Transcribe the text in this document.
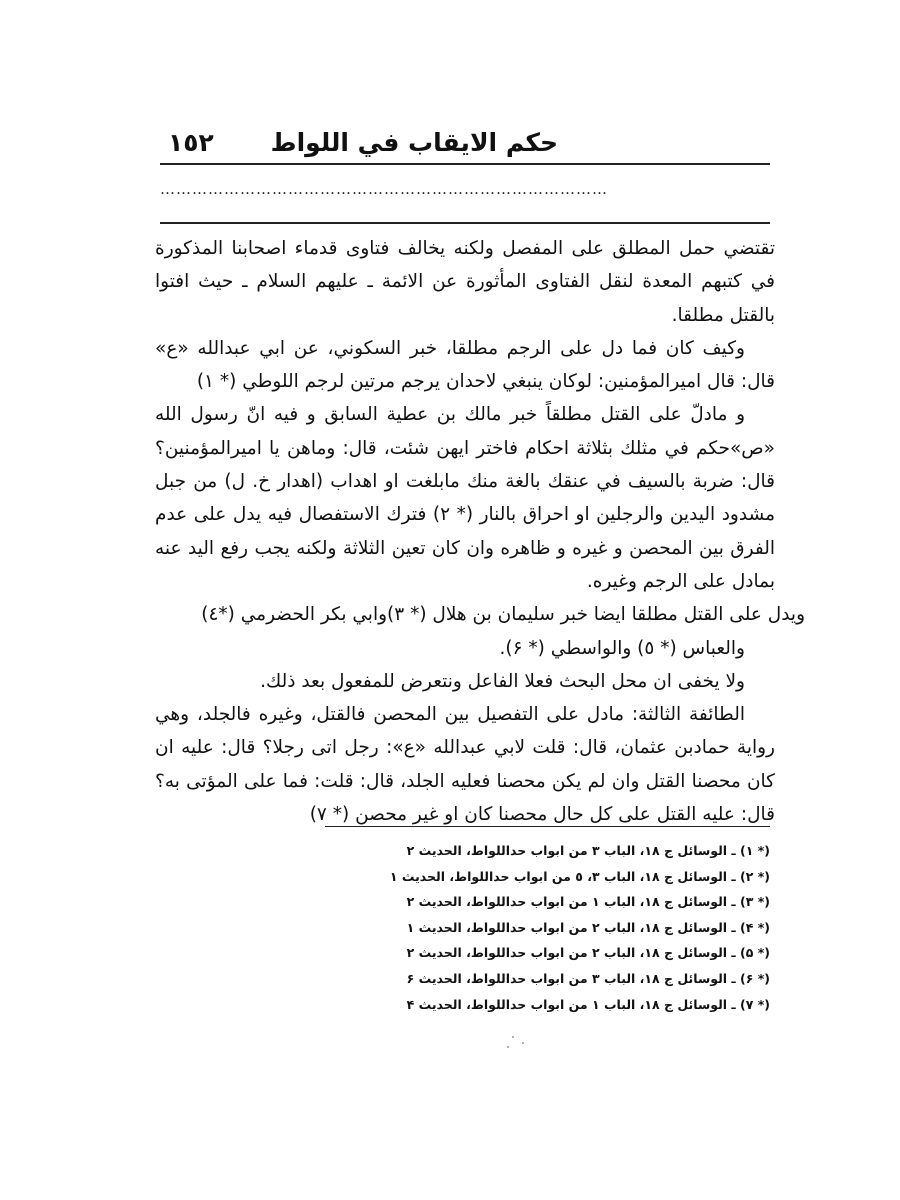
١٥٢ حكم الايقاب في اللواط
…………………………………………………………………………

تقتضي حمل المطلق على المفصل ولكنه يخالف فتاوى قدماء اصحابنا المذكورة في كتبهم المعدة لنقل الفتاوى المأثورة عن الائمة ـ عليهم السلام ـ حيث افتوا بالقتل مطلقا.

وكيف كان فما دل على الرجم مطلقا، خبر السكوني، عن ابي عبدالله «ع» قال: قال اميرالمؤمنين: لوكان ينبغي لاحدان يرجم مرتين لرجم اللوطي (* ١)

و مادلّ على القتل مطلقاً خبر مالك بن عطية السابق و فيه انّ رسول الله «ص»حكم في مثلك بثلاثة احكام فاختر ايهن شئت، قال: وماهن يا اميرالمؤمنين؟ قال: ضربة بالسيف في عنقك بالغة منك مابلغت او اهداب (اهدار خ. ل) من جبل مشدود اليدين والرجلين او احراق بالنار (* ٢) فترك الاستفصال فيه يدل على عدم الفرق بين المحصن و غيره و ظاهره وان كان تعين الثلاثة ولكنه يجب رفع اليد عنه بمادل على الرجم وغيره.

ويدل على القتل مطلقا ايضا خبر سليمان بن هلال (* ٣)وابي بكر الحضرمي (*٤)

والعباس (* ٥) والواسطي (* ۶).

ولا يخفى ان محل البحث فعلا الفاعل ونتعرض للمفعول بعد ذلك.

الطائفة الثالثة: مادل على التفصيل بين المحصن فالقتل، وغيره فالجلد، وهي رواية حمادبن عثمان، قال: قلت لابي عبدالله «ع»: رجل اتى رجلا؟ قال: عليه ان كان محصنا القتل وان لم يكن محصنا فعليه الجلد، قال: قلت: فما على المؤتى به؟ قال: عليه القتل على كل حال محصنا كان او غير محصن (* ٧)

(* ١) ـ الوسائل ج ١٨، الباب ٣ من ابواب حداللواط، الحديث ٢
(* ٢) ـ الوسائل ج ١٨، الباب ٣، ٥ من ابواب حداللواط، الحديث ١
(* ٣) ـ الوسائل ج ١٨، الباب ١ من ابواب حداللواط، الحديث ٢
(* ۴) ـ الوسائل ج ١٨، الباب ٢ من ابواب حداللواط، الحديث ١
(* ۵) ـ الوسائل ج ١٨، الباب ٢ من ابواب حداللواط، الحديث ٢
(* ۶) ـ الوسائل ج ١٨، الباب ٣ من ابواب حداللواط، الحديث ۶
(* ٧) ـ الوسائل ج ١٨، الباب ١ من ابواب حداللواط، الحديث ۴
